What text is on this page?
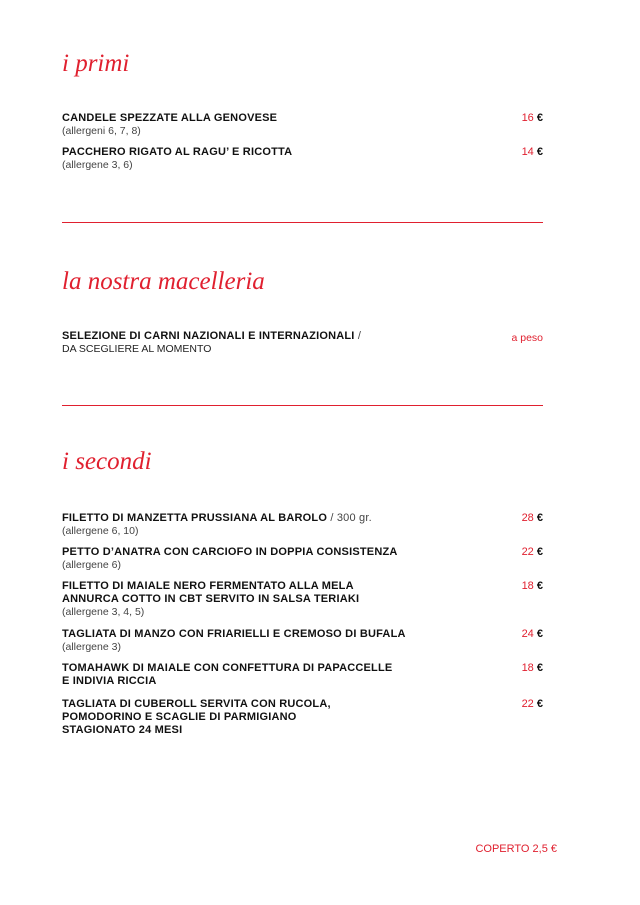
i primi
CANDELE SPEZZATE ALLA GENOVESE
(allergeni 6, 7, 8)
16 €
PACCHERO RIGATO AL RAGU’ E RICOTTA
(allergene 3, 6)
14 €
la nostra macelleria
SELEZIONE DI CARNI NAZIONALI E INTERNAZIONALI /
DA SCEGLIERE AL MOMENTO
a peso
i secondi
FILETTO DI MANZETTA PRUSSIANA AL BAROLO / 300 gr.
(allergene 6, 10)
28 €
PETTO D’ANATRA CON CARCIOFO IN DOPPIA CONSISTENZA
(allergene 6)
22 €
FILETTO DI MAIALE NERO FERMENTATO ALLA MELA ANNURCA COTTO IN CBT SERVITO IN SALSA TERIAKI
(allergene 3, 4, 5)
18 €
TAGLIATA DI MANZO CON FRIARIELLI E CREMOSO DI BUFALA
(allergene 3)
24 €
TOMAHAWK DI MAIALE CON CONFETTURA DI PAPACCELLE E INDIVIA RICCIA
18 €
TAGLIATA DI CUBEROLL SERVITA CON RUCOLA, POMODORINO E SCAGLIE DI PARMIGIANO STAGIONATO 24 MESI
22 €
COPERTO 2,5 €
